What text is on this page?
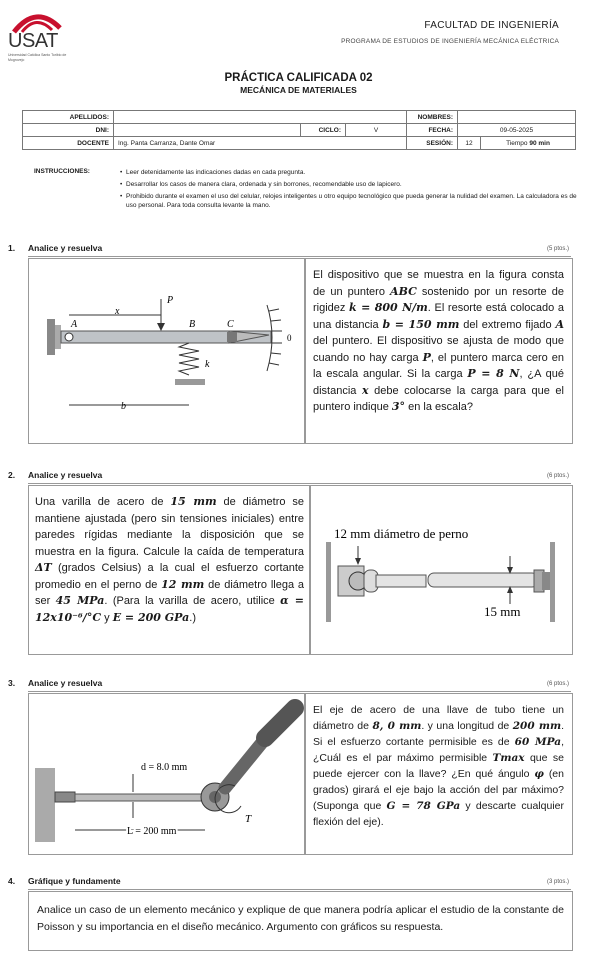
USAT
Universidad Católica Santo Toribio de Mogrovejo
FACULTAD DE INGENIERÍA
PROGRAMA DE ESTUDIOS DE INGENIERÍA MECÁNICA ELÉCTRICA
PRÁCTICA CALIFICADA 02
MECÁNICA DE MATERIALES
APELLIDOS:				NOMBRES:		
DNI:		CICLO:	V	FECHA:	09-05-2025	
DOCENTE	Ing. Panta Carranza, Dante Omar			SESIÓN:	12	Tiempo 90 min
INSTRUCCIONES:	• Leer detenidamente las indicaciones dadas en cada pregunta.
• Desarrollar los casos de manera clara, ordenada y sin borrones, recomendable uso de lapicero.
• Prohibido durante el examen el uso del celular, relojes inteligentes u otro equipo tecnológico que pueda generar la nulidad del examen. La calculadora es de uso personal. Para toda consulta levante la mano.
1. Analice y resuelva	(5 ptos.)
x
P
A	B	C
k
b
0
El dispositivo que se muestra en la figura consta de un puntero ABC sostenido por un resorte de rigidez k = 800 N/m. El resorte está colocado a una distancia b = 150 mm del extremo fijado A del puntero. El dispositivo se ajusta de modo que cuando no hay carga P, el puntero marca cero en la escala angular. Si la carga P = 8 N, ¿A qué distancia x debe colocarse la carga para que el puntero indique 3° en la escala?
2. Analice y resuelva	(6 ptos.)
Una varilla de acero de 15 mm de diámetro se mantiene ajustada (pero sin tensiones iniciales) entre paredes rígidas mediante la disposición que se muestra en la figura. Calcule la caída de temperatura ΔT (grados Celsius) a la cual el esfuerzo cortante promedio en el perno de 12 mm de diámetro llega a ser 45 MPa. (Para la varilla de acero, utilice α = 12x10⁻⁶/°C y E = 200 GPa.)
12 mm diámetro de perno
15 mm
3. Analice y resuelva	(6 ptos.)
d = 8.0 mm
L = 200 mm
T
El eje de acero de una llave de tubo tiene un diámetro de 8, 0 mm. y una longitud de 200 mm. Si el esfuerzo cortante permisible es de 60 MPa, ¿Cuál es el par máximo permisible Tmax que se puede ejercer con la llave? ¿En qué ángulo φ (en grados) girará el eje bajo la acción del par máximo? (Suponga que G = 78 GPa y descarte cualquier flexión del eje).
4. Gráfique y fundamente	(3 ptos.)
Analice un caso de un elemento mecánico y explique de que manera podría aplicar el estudio de la constante de Poisson y su importancia en el diseño mecánico. Argumento con gráficos su respuesta.
